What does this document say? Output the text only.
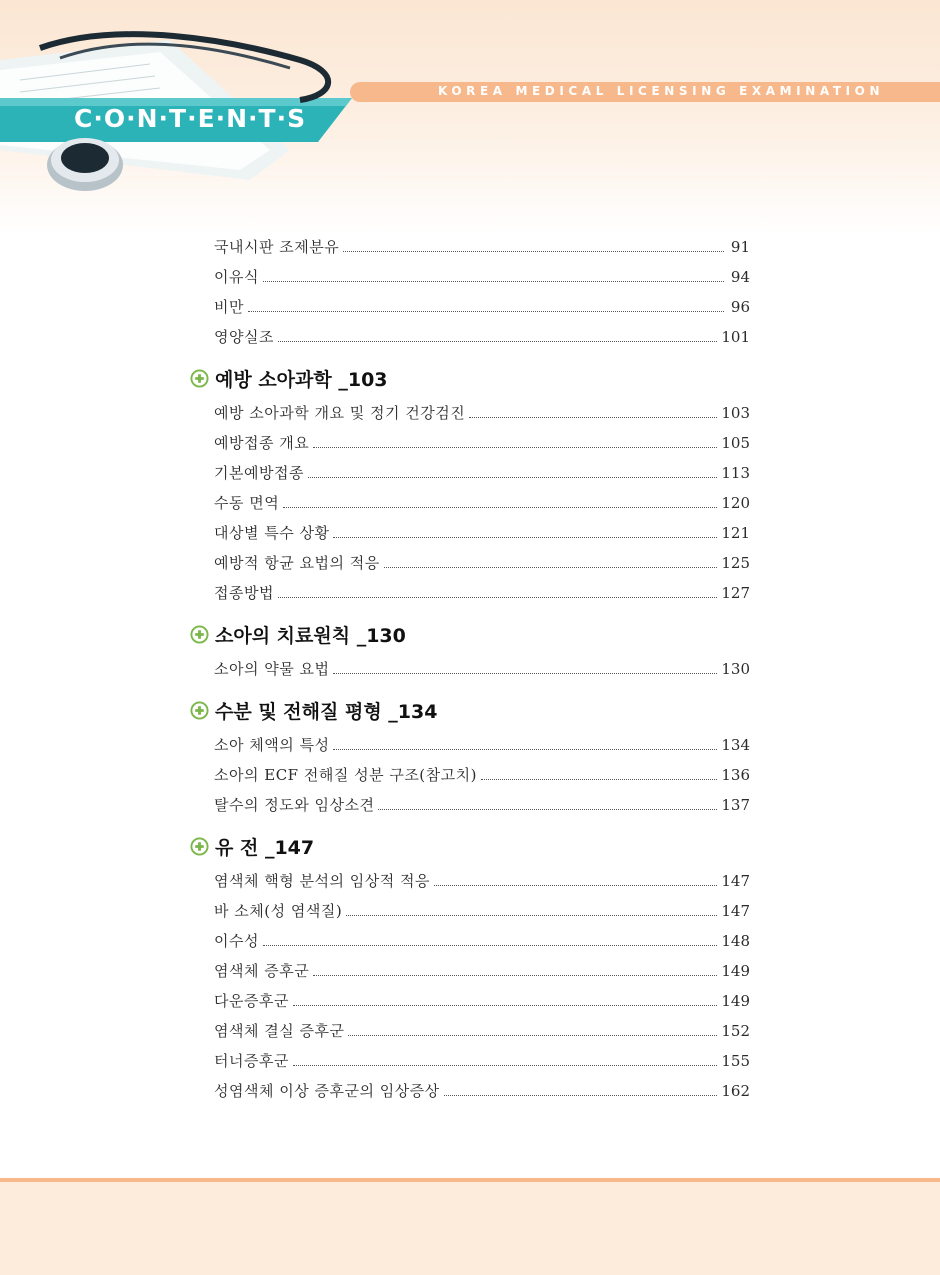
KOREA MEDICAL LICENSING EXAMINATION
C·O·N·T·E·N·T·S
국내시판 조제분유	91
이유식	94
비만	96
영양실조	101
예방 소아과학 _103
예방 소아과학 개요 및 정기 건강검진	103
예방접종 개요	105
기본예방접종	113
수동 면역	120
대상별 특수 상황	121
예방적 항균 요법의 적응	125
접종방법	127
소아의 치료원칙 _130
소아의 약물 요법	130
수분 및 전해질 평형 _134
소아 체액의 특성	134
소아의 ECF 전해질 성분 구조(참고치)	136
탈수의 정도와 임상소견	137
유 전 _147
염색체 핵형 분석의 임상적 적응	147
바 소체(성 염색질)	147
이수성	148
염색체 증후군	149
다운증후군	149
염색체 결실 증후군	152
터너증후군	155
성염색체 이상 증후군의 임상증상	162
